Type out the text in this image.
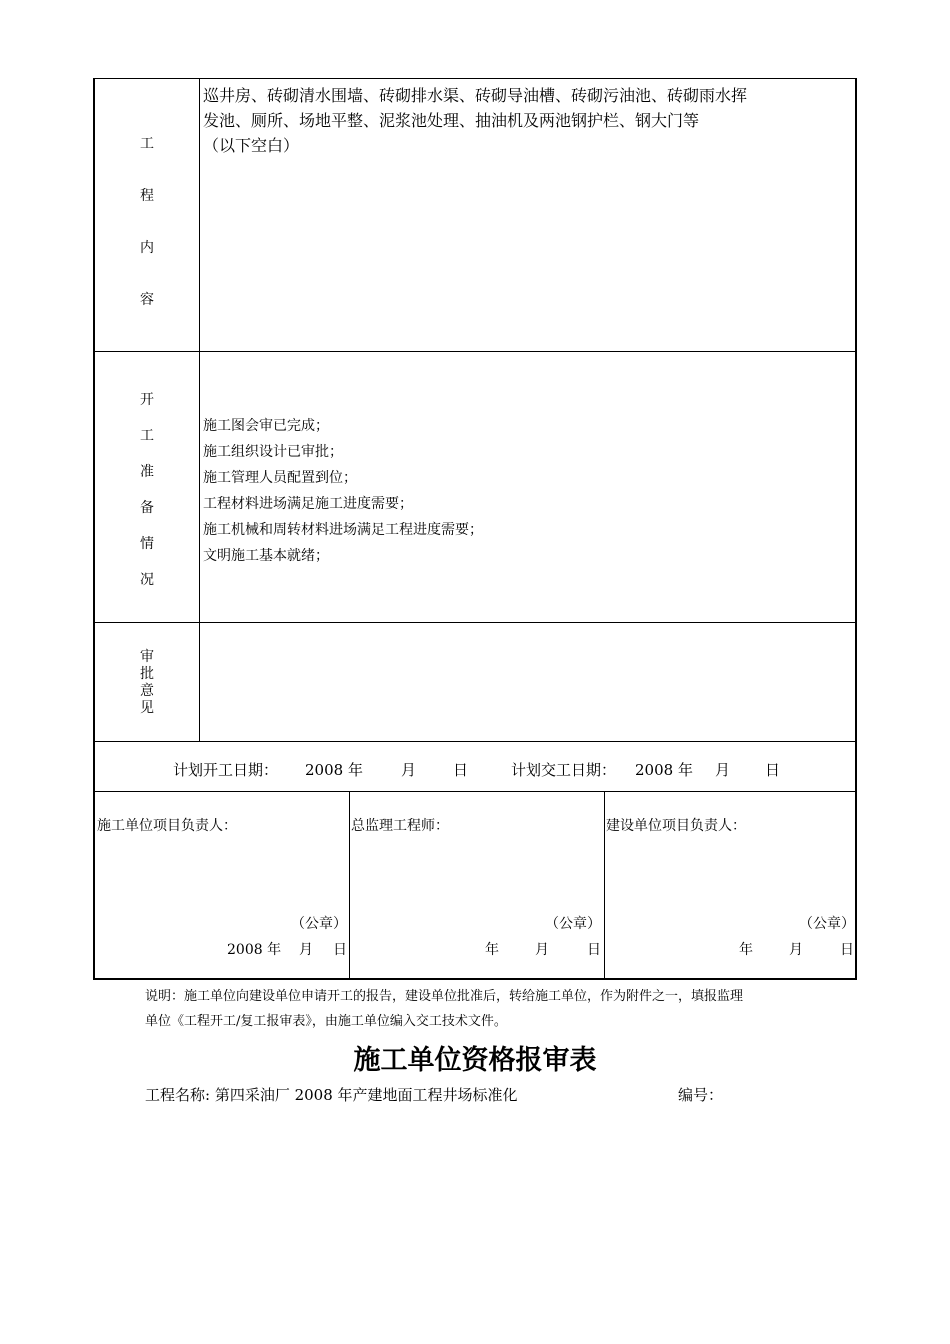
工
程
内
容
巡井房、砖砌清水围墙、砖砌排水渠、砖砌导油槽、砖砌污油池、砖砌雨水挥
发池、厕所、场地平整、泥浆池处理、抽油机及两池钢护栏、钢大门等
（以下空白）
开
工
准
备
情
况
施工图会审已完成；
施工组织设计已审批；
施工管理人员配置到位；
工程材料进场满足施工进度需要；
施工机械和周转材料进场满足工程进度需要；
文明施工基本就绪；
审
批
意
见
计划开工日期： 2008 年	月 日	计划交工日期： 2008 年 月 日
施工单位项目负责人：
（公章）
2008 年 月 日
总监理工程师：
（公章）
年	月	日
建设单位项目负责人：
（公章）
年	月	日
说明：施工单位向建设单位申请开工的报告，建设单位批准后，转给施工单位，作为附件之一，填报监理
单位《工程开工/复工报审表》，由施工单位编入交工技术文件。
施工单位资格报审表
工程名称: 第四采油厂 2008 年产建地面工程井场标准化	编号：
